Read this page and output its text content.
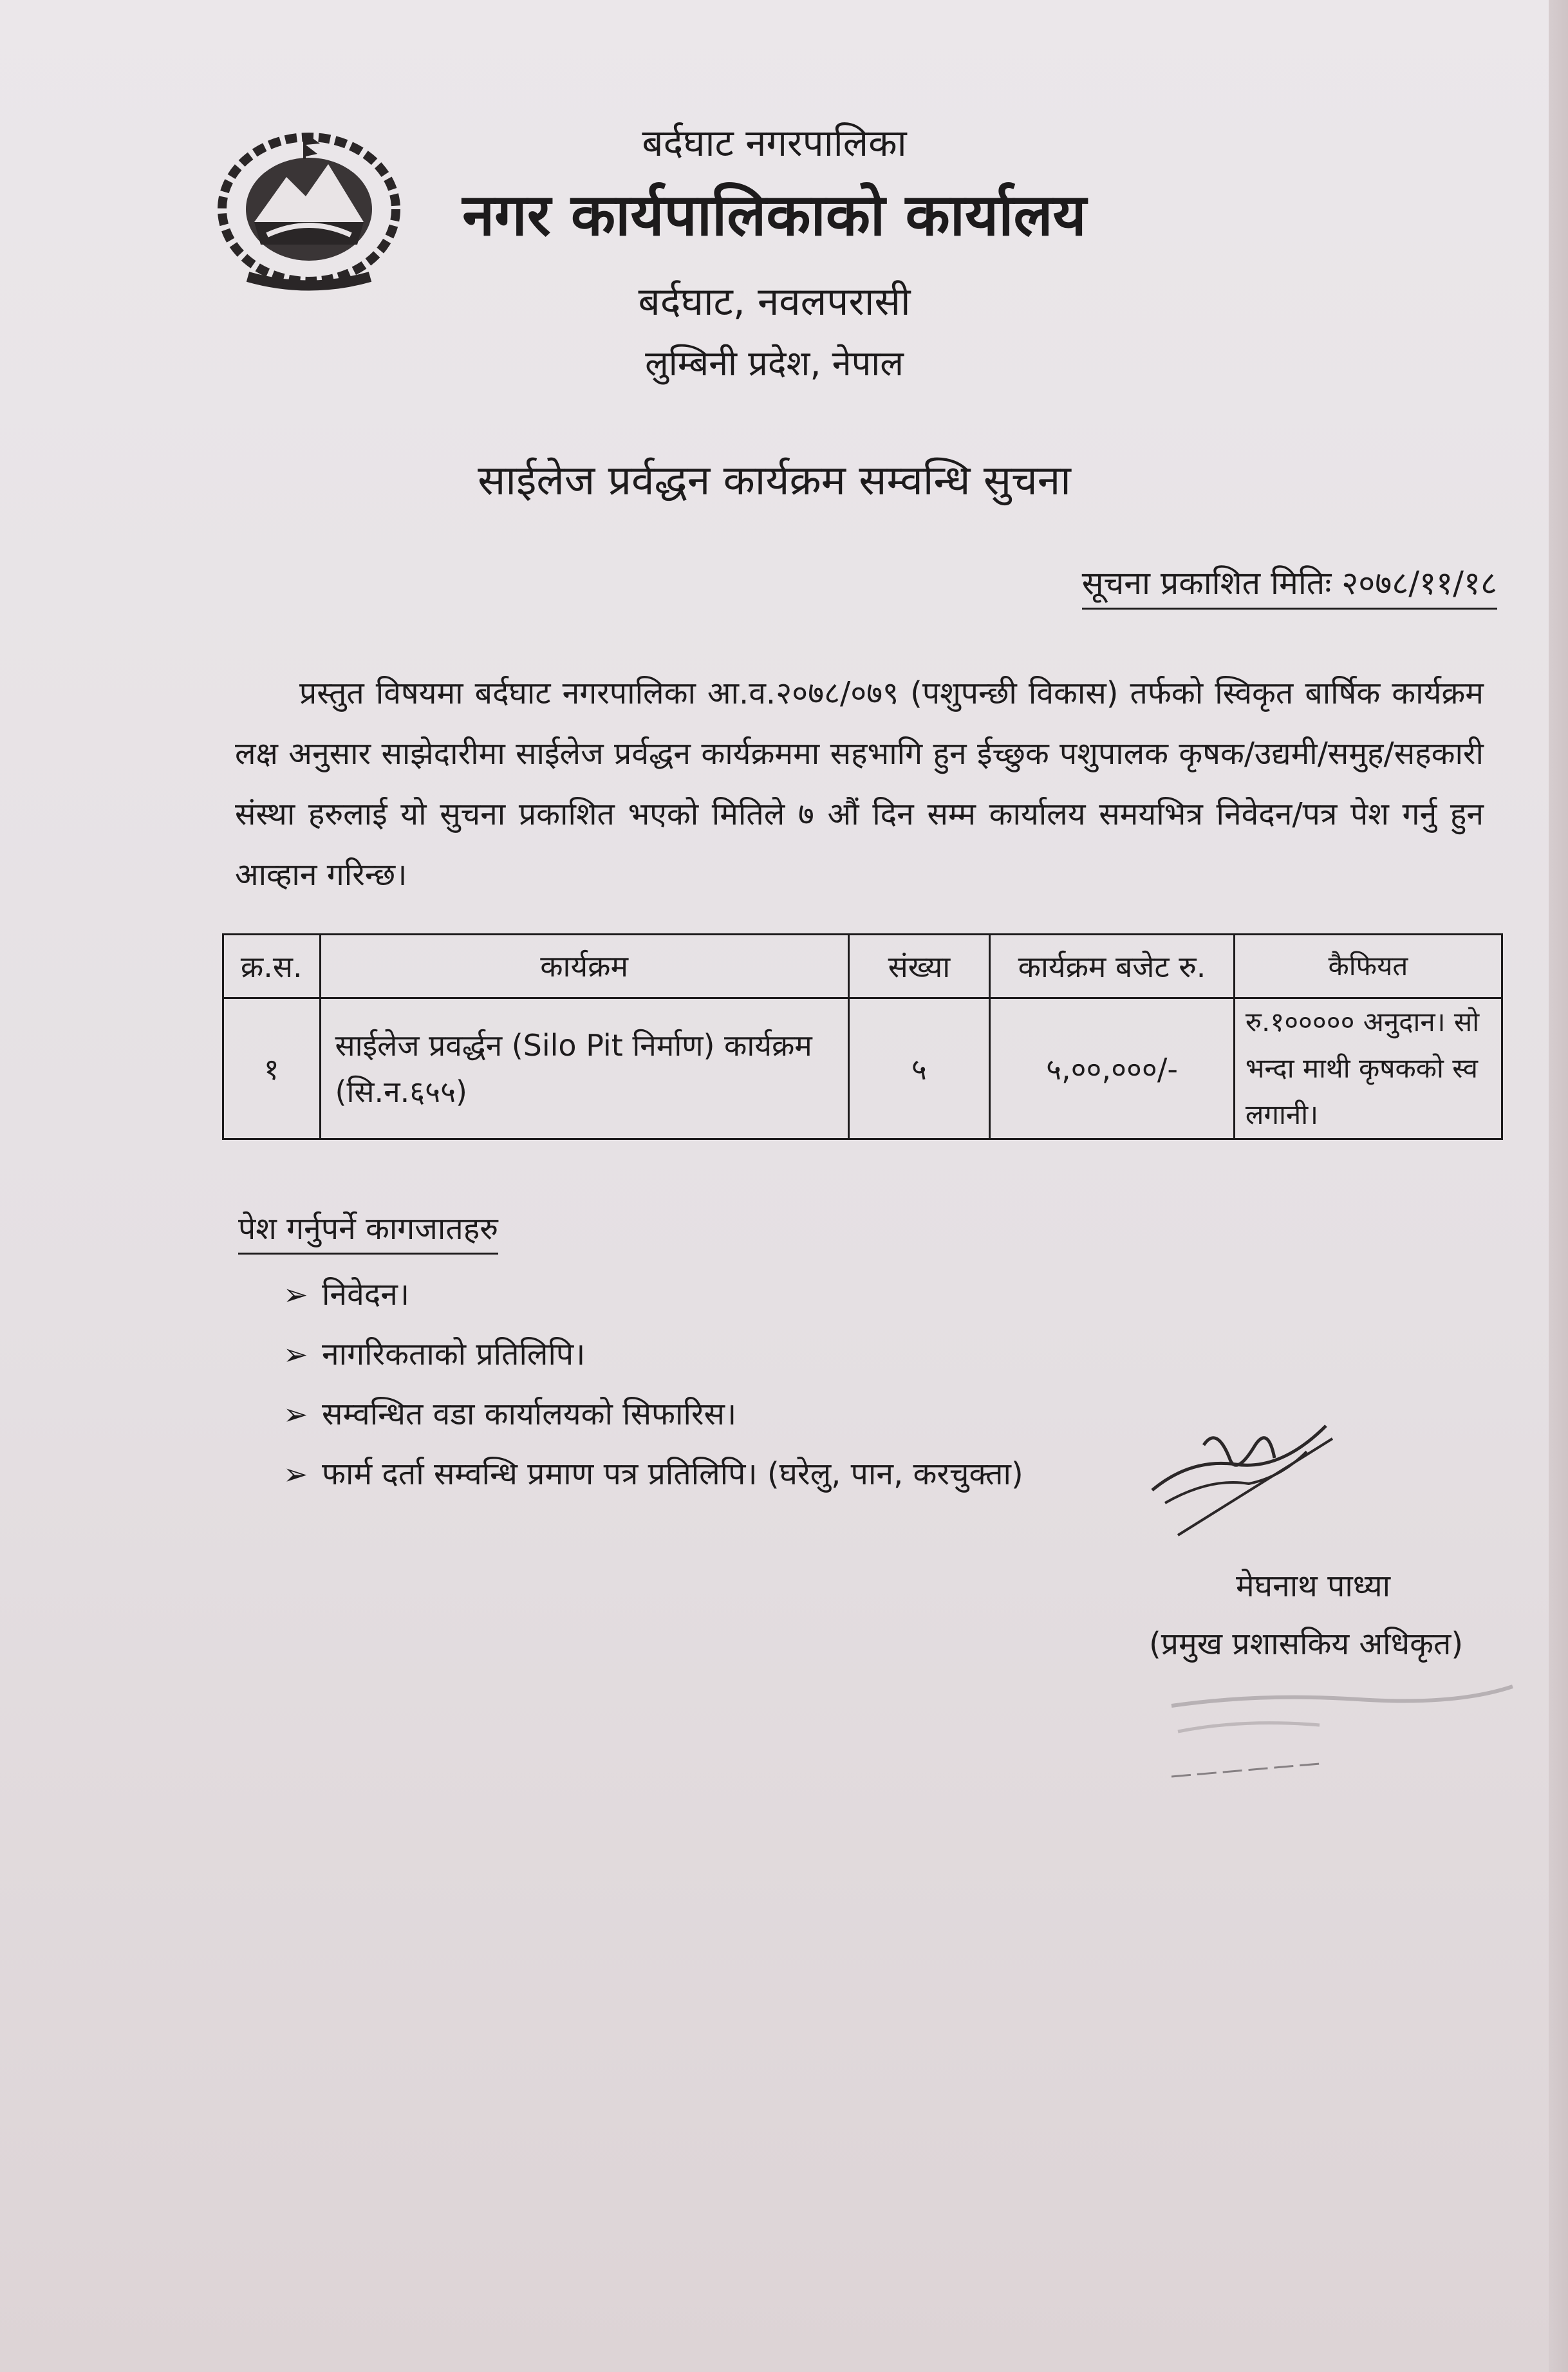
बर्दघाट नगरपालिका
नगर कार्यपालिकाको कार्यालय
बर्दघाट, नवलपरासी
लुम्बिनी प्रदेश, नेपाल
साईलेज प्रर्वद्धन कार्यक्रम सम्वन्धि सुचना
सूचना प्रकाशित मितिः २०७८/११/१८
प्रस्तुत विषयमा बर्दघाट नगरपालिका आ.व.२०७८/०७९ (पशुपन्छी विकास) तर्फको स्विकृत बार्षिक कार्यक्रम लक्ष अनुसार साझेदारीमा साईलेज प्रर्वद्धन कार्यक्रममा सहभागि हुन ईच्छुक पशुपालक कृषक/उद्यमी/समुह/सहकारी संस्था हरुलाई यो सुचना प्रकाशित भएको मितिले ७ औं दिन सम्म कार्यालय समयभित्र निवेदन/पत्र पेश गर्नु हुन आव्हान गरिन्छ।
क्र.स.	कार्यक्रम	संख्या	कार्यक्रम बजेट रु.	कैफियत
१	साईलेज प्रवर्द्धन (Silo Pit निर्माण) कार्यक्रम (सि.न.६५५)	५	५,००,०००/-	रु.१००००० अनुदान। सो भन्दा माथी कृषकको स्व लगानी।
पेश गर्नुपर्ने कागजातहरु
➢ निवेदन।
➢ नागरिकताको प्रतिलिपि।
➢ सम्वन्धित वडा कार्यालयको सिफारिस।
➢ फार्म दर्ता सम्वन्धि प्रमाण पत्र प्रतिलिपि। (घरेलु, पान, करचुक्ता)
मेघनाथ पाध्या
(प्रमुख प्रशासकिय अधिकृत)
